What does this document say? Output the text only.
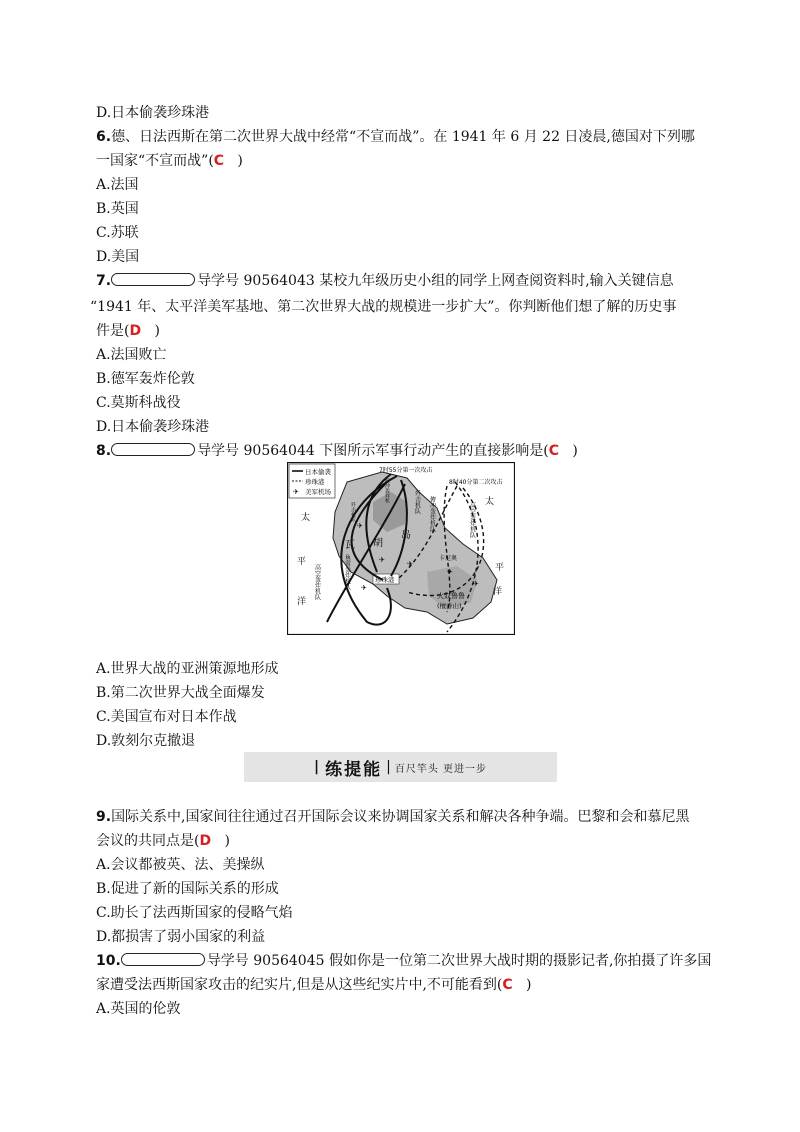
D.日本偷袭珍珠港
6.德、日法西斯在第二次世界大战中经常“不宣而战”。在 1941 年 6 月 22 日凌晨,德国对下列哪
一国家“不宣而战”(C )
A.法国
B.英国
C.苏联
D.美国
7.	导学号 90564043 某校九年级历史小组的同学上网查阅资料时,输入关键信息
“1941 年、太平洋美军基地、第二次世界大战的规模进一步扩大”。你判断他们想了解的历史事
件是(D )
A.法国败亡
B.德军轰炸伦敦
C.莫斯科战役
D.日本偷袭珍珠港
8.	导学号 90564044 下图所示军事行动产生的直接影响是(C )
日本偷袭
珍珠港
✈ 美军机场
7时55分第一次攻击
8时40分第二次攻击
太
平
洋
太
平
洋
瓦 胡
岛
歼击机队 俯冲轰炸机队	高空轰炸机队
鱼雷轰炸机队
高空轰炸机队
歼击机队
俯冲轰炸机
卡尼奥
珍珠港
火奴鲁鲁
(檀香山)
✈
✈
✈
✈	✈
✈
A.世界大战的亚洲策源地形成
B.第二次世界大战全面爆发
C.美国宣布对日本作战
D.敦刻尔克撤退
| 练提能 | 百尺竿头 更进一步
9.国际关系中,国家间往往通过召开国际会议来协调国家关系和解决各种争端。巴黎和会和慕尼黑
会议的共同点是(D )
A.会议都被英、法、美操纵
B.促进了新的国际关系的形成
C.助长了法西斯国家的侵略气焰
D.都损害了弱小国家的利益
10.	导学号 90564045 假如你是一位第二次世界大战时期的摄影记者,你拍摄了许多国
家遭受法西斯国家攻击的纪实片,但是从这些纪实片中,不可能看到(C )
A.英国的伦敦
